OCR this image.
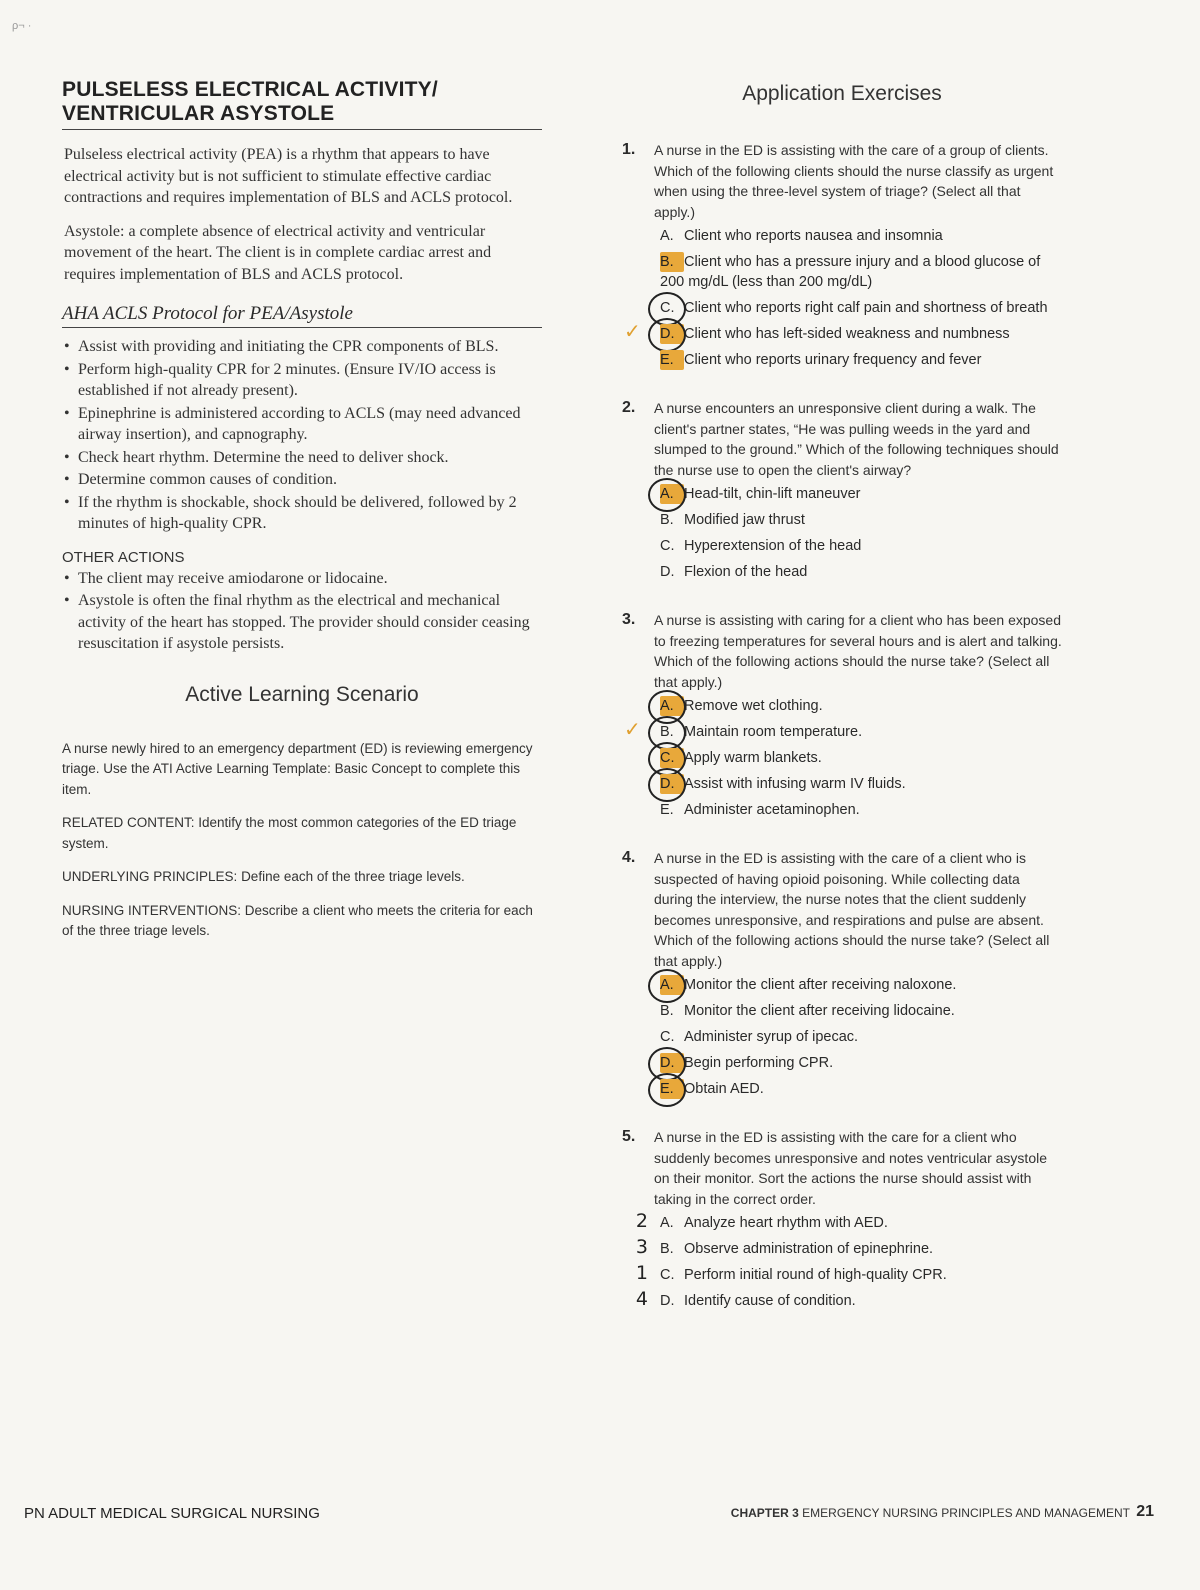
ρ¬ ·
PULSELESS ELECTRICAL ACTIVITY/
VENTRICULAR ASYSTOLE

Pulseless electrical activity (PEA) is a rhythm that appears to have electrical activity but is not sufficient to stimulate effective cardiac contractions and requires implementation of BLS and ACLS protocol.

Asystole: a complete absence of electrical activity and ventricular movement of the heart. The client is in complete cardiac arrest and requires implementation of BLS and ACLS protocol.

AHA ACLS Protocol for PEA/Asystole
• Assist with providing and initiating the CPR components of BLS.
• Perform high-quality CPR for 2 minutes. (Ensure IV/IO access is established if not already present).
• Epinephrine is administered according to ACLS (may need advanced airway insertion), and capnography.
• Check heart rhythm. Determine the need to deliver shock.
• Determine common causes of condition.
• If the rhythm is shockable, shock should be delivered, followed by 2 minutes of high-quality CPR.
OTHER ACTIONS
• The client may receive amiodarone or lidocaine.
• Asystole is often the final rhythm as the electrical and mechanical activity of the heart has stopped. The provider should consider ceasing resuscitation if asystole persists.
Active Learning Scenario

A nurse newly hired to an emergency department (ED) is reviewing emergency triage. Use the ATI Active Learning Template: Basic Concept to complete this item.

RELATED CONTENT: Identify the most common categories of the ED triage system.

UNDERLYING PRINCIPLES: Define each of the three triage levels.

NURSING INTERVENTIONS: Describe a client who meets the criteria for each of the three triage levels.

Application Exercises
1. A nurse in the ED is assisting with the care of a group of clients. Which of the following clients should the nurse classify as urgent when using the three-level system of triage? (Select all that apply.)
A. Client who reports nausea and insomnia
B. Client who has a pressure injury and a blood glucose of 200 mg/dL (less than 200 mg/dL)
C. Client who reports right calf pain and shortness of breath
✓ D. Client who has left-sided weakness and numbness
E. Client who reports urinary frequency and fever
2. A nurse encounters an unresponsive client during a walk. The client's partner states, “He was pulling weeds in the yard and slumped to the ground.” Which of the following techniques should the nurse use to open the client's airway?
A. Head-tilt, chin-lift maneuver
B. Modified jaw thrust
C. Hyperextension of the head
D. Flexion of the head
3. A nurse is assisting with caring for a client who has been exposed to freezing temperatures for several hours and is alert and talking. Which of the following actions should the nurse take? (Select all that apply.)
A. Remove wet clothing.
✓ B. Maintain room temperature.
C. Apply warm blankets.
D. Assist with infusing warm IV fluids.
E. Administer acetaminophen.
4. A nurse in the ED is assisting with the care of a client who is suspected of having opioid poisoning. While collecting data during the interview, the nurse notes that the client suddenly becomes unresponsive, and respirations and pulse are absent. Which of the following actions should the nurse take? (Select all that apply.)
A. Monitor the client after receiving naloxone.
B. Monitor the client after receiving lidocaine.
C. Administer syrup of ipecac.
D. Begin performing CPR.
E. Obtain AED.
5. A nurse in the ED is assisting with the care for a client who suddenly becomes unresponsive and notes ventricular asystole on their monitor. Sort the actions the nurse should assist with taking in the correct order.
2 A. Analyze heart rhythm with AED.
3 B. Observe administration of epinephrine.
1 C. Perform initial round of high-quality CPR.
4 D. Identify cause of condition.
PN ADULT MEDICAL SURGICAL NURSING	CHAPTER 3 EMERGENCY NURSING PRINCIPLES AND MANAGEMENT 21
